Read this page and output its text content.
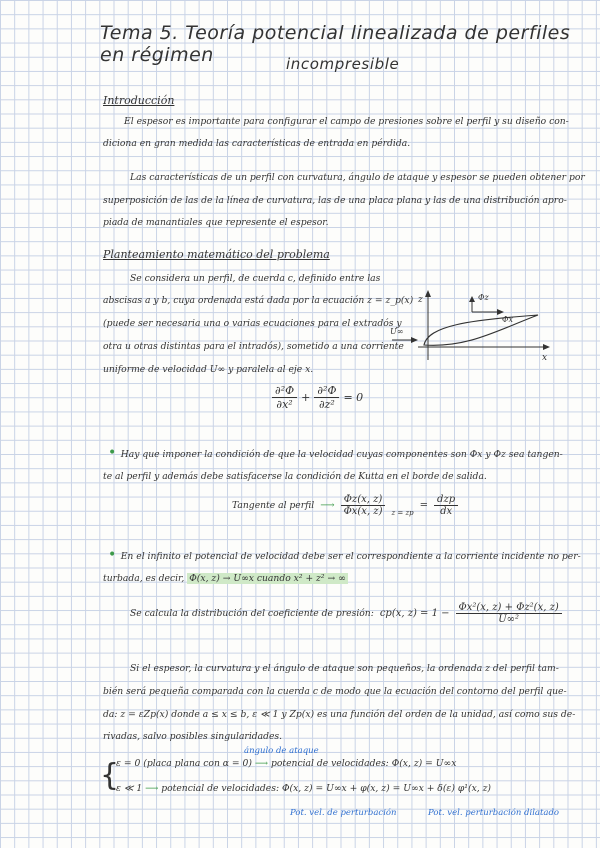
Tema 5. Teoría potencial linealizada de perfiles en régimen	incompresible
Introducción
El espesor es importante para configurar el campo de presiones sobre el perfil y su diseño con-
diciona en gran medida las características de entrada en pérdida.
Las características de un perfil con curvatura, ángulo de ataque y espesor se pueden obtener por
superposición de las de la línea de curvatura, las de una placa plana y las de una distribución apro-
piada de manantiales que represente el espesor.
Planteamiento matemático del problema
Se considera un perfil, de cuerda c, definido entre las
abscisas a y b, cuya ordenada está dada por la ecuación z = z_p(x)
(puede ser necesaria una o varias ecuaciones para el extradós y
otra u otras distintas para el intradós), sometido a una corriente
uniforme de velocidad U∞ y paralela al eje x.
$\frac{\text{∂²Φ}}{\text{∂x²}} + \frac{\text{∂²Φ}}{\text{∂z²}} = 0$
z
x
U∞
Φz
Φx
• Hay que imponer la condición de que la velocidad cuyas componentes son Φx y Φz sea tangen-
te al perfil y además debe satisfacerse la condición de Kutta en el borde de salida.
Tangente al perfil ⟶ $\frac{\Phi z(x, z)}{\Phi x(x, z)}$ z = zp
= $\frac{\text{dzp}}{dx}$
• En el infinito el potencial de velocidad debe ser el correspondiente a la corriente incidente no per-
turbada, es decir, Φ(x, z) → U∞x cuando x² + z² → ∞
Se calcula la distribución del coeficiente de presión: cp(x, $z) = 1 - \frac{\text{Φx²(x, z) + Φz²(x, z)}}{\text{U∞²}}$
Si el espesor, la curvatura y el ángulo de ataque son pequeños, la ordenada z del perfil tam-
bién será pequeña comparada con la cuerda c de modo que la ecuación del contorno del perfil que-
da: z = εZp(x) donde a ≤ x ≤ b, ε ≪ 1 y Zp(x) es una función del orden de la unidad, así como sus de-
rivadas, salvo posibles singularidades.
ángulo de ataque
{
ε = 0 (placa plana con α = 0) ⟶ potencial de velocidades: Φ(x, z) = U∞x
ε ≪ 1 ⟶ potencial de velocidades: Φ(x, z) = U∞x + φ(x, z) = U∞x + δ(ε) φ¹(x, z)
Pot. vel. de perturbación	Pot. vel. perturbación dilatado
